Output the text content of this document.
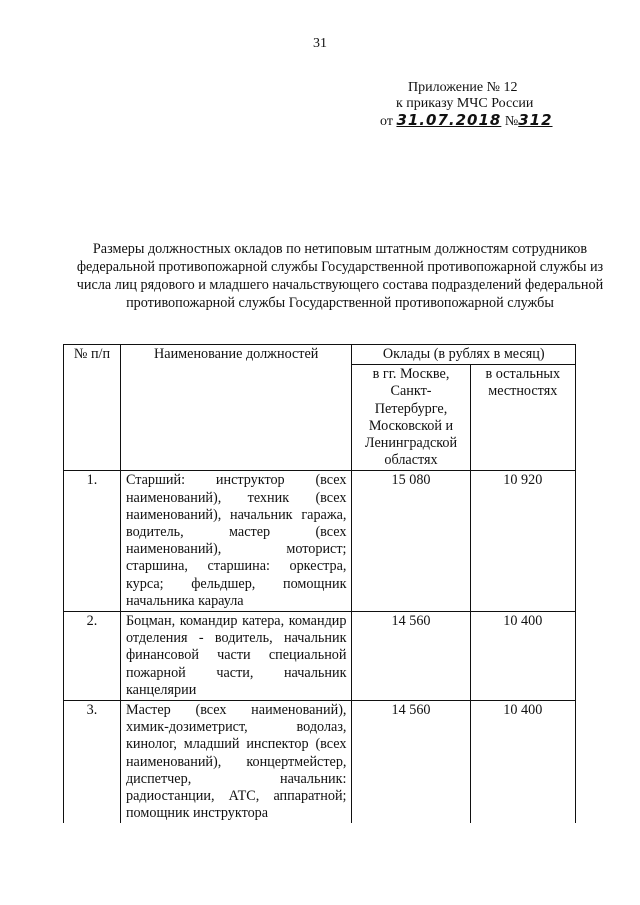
31
Приложение № 12
к приказу МЧС России
от 31.07.2018 №312
Размеры должностных окладов по нетиповым штатным должностям сотрудников федеральной противопожарной службы Государственной противопожарной службы из числа лиц рядового и младшего начальствующего состава подразделений федеральной противопожарной службы Государственной противопожарной службы
№ п/п	Наименование должностей	Оклады (в рублях в месяц)	
		в гг. Москве, Санкт-Петербурге, Московской и Ленинградской областях	в остальных местностях
1.	Старший: инструктор (всех наименований), техник (всех наименований), начальник гаража, водитель, мастер (всех наименований), моторист; старшина, старшина: оркестра, курса; фельдшер, помощник начальника караула	15 080	10 920
2.	Боцман, командир катера, командир отделения - водитель, начальник финансовой части специальной пожарной части, начальник канцелярии	14 560	10 400
3.	Мастер (всех наименований), химик-дозиметрист, водолаз, кинолог, младший инспектор (всех наименований), концертмейстер, диспетчер, начальник: радиостанции, АТС, аппаратной; помощник инструктора	14 560	10 400
